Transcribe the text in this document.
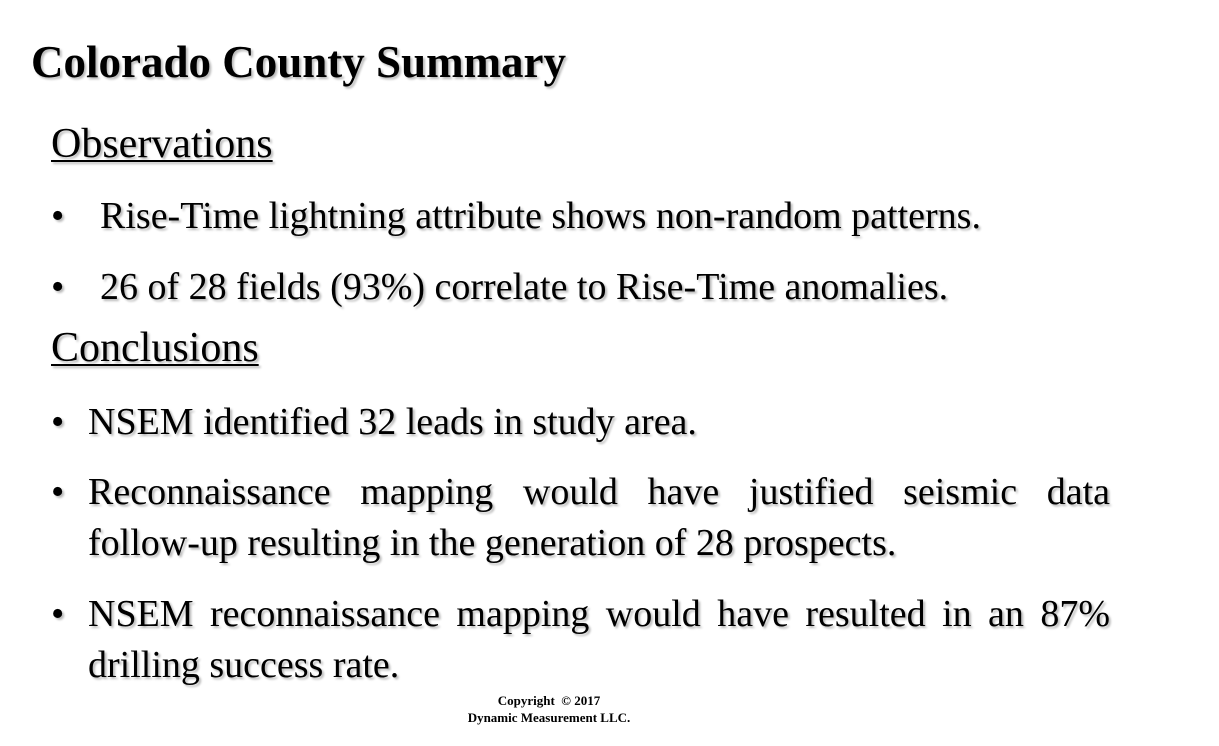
Colorado County Summary
Observations
• Rise-Time lightning attribute shows non-random patterns.
• 26 of 28 fields (93%) correlate to Rise-Time anomalies.
Conclusions
• NSEM identified 32 leads in study area.
• Reconnaissance mapping would have justified seismic data follow-up resulting in the generation of 28 prospects.
• NSEM reconnaissance mapping would have resulted in an 87% drilling success rate.
Copyright  © 2017
Dynamic Measurement LLC.
